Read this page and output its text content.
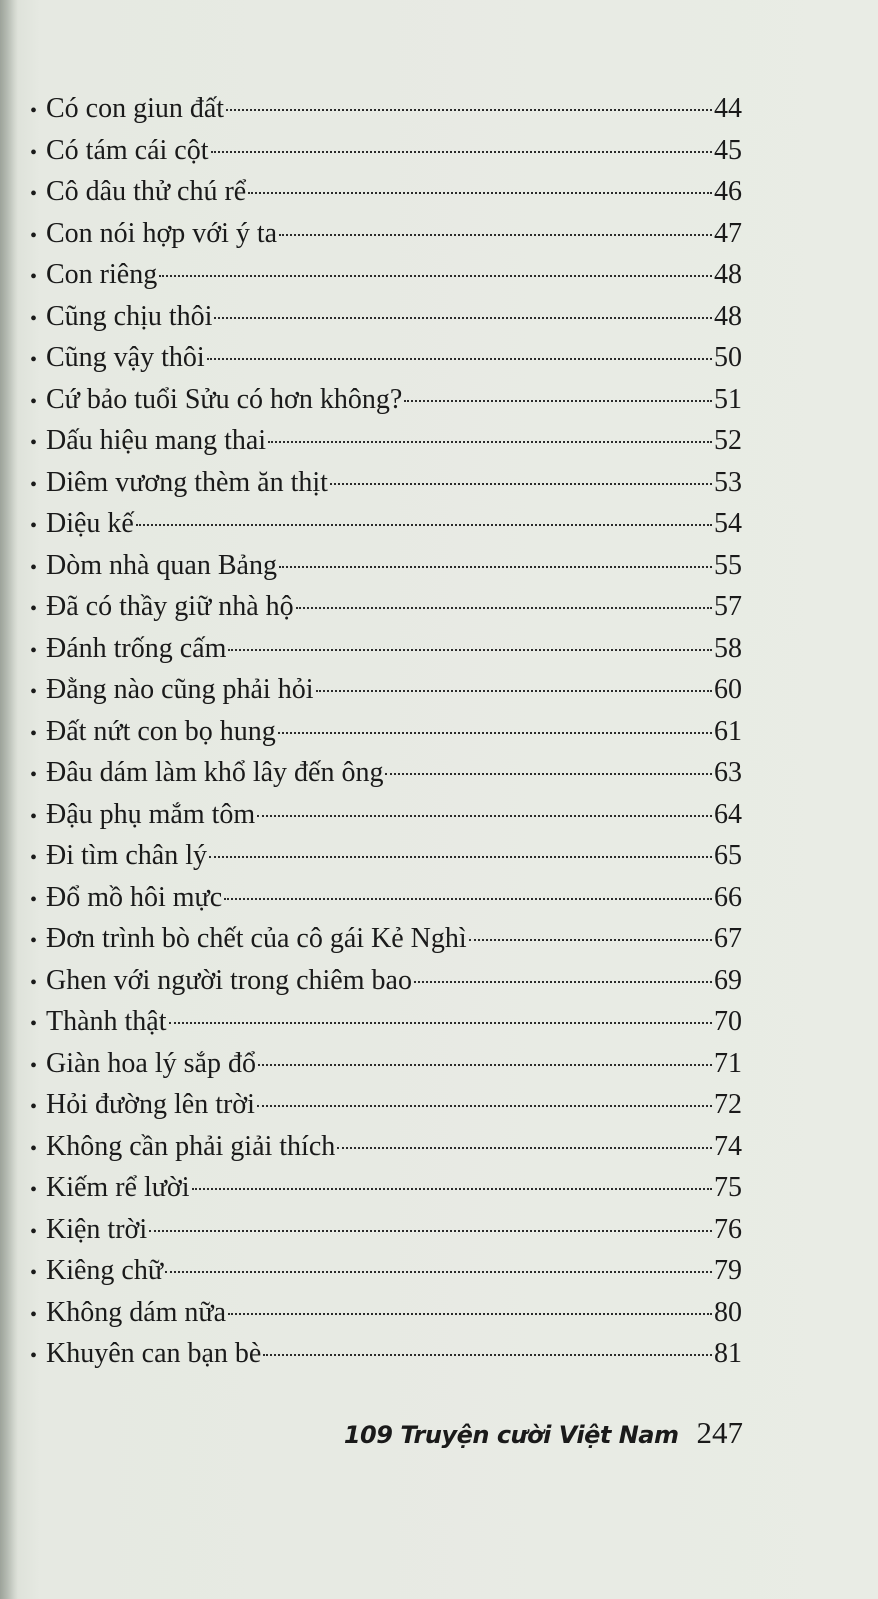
• Có con giun đất	44
• Có tám cái cột	45
• Cô dâu thử chú rể	46
• Con nói hợp với ý ta	47
• Con riêng	48
• Cũng chịu thôi	48
• Cũng vậy thôi	50
• Cứ bảo tuổi Sửu có hơn không?	51
• Dấu hiệu mang thai	52
• Diêm vương thèm ăn thịt	53
• Diệu kế	54
• Dòm nhà quan Bảng	55
• Đã có thầy giữ nhà hộ	57
• Đánh trống cấm	58
• Đằng nào cũng phải hỏi	60
• Đất nứt con bọ hung	61
• Đâu dám làm khổ lây đến ông	63
• Đậu phụ mắm tôm	64
• Đi tìm chân lý	65
• Đổ mồ hôi mực	66
• Đơn trình bò chết của cô gái Kẻ Nghì	67
• Ghen với người trong chiêm bao	69
• Thành thật	70
• Giàn hoa lý sắp đổ	71
• Hỏi đường lên trời	72
• Không cần phải giải thích	74
• Kiếm rể lười	75
• Kiện trời	76
• Kiêng chữ	79
• Không dám nữa	80
• Khuyên can bạn bè	81
109 Truyện cười Việt Nam 247
